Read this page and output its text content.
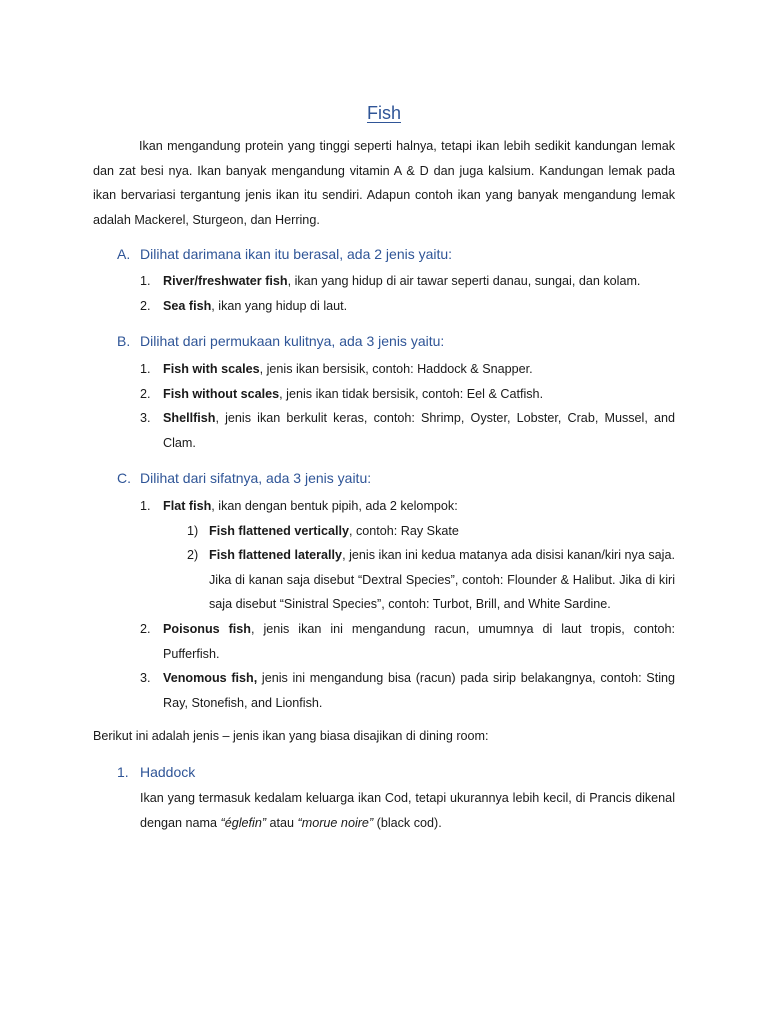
Fish

Ikan mengandung protein yang tinggi seperti halnya, tetapi ikan lebih sedikit kandungan lemak dan zat besi nya. Ikan banyak mengandung vitamin A & D dan juga kalsium. Kandungan lemak pada ikan bervariasi tergantung jenis ikan itu sendiri. Adapun contoh ikan yang banyak mengandung lemak adalah Mackerel, Sturgeon, dan Herring.

A. Dilihat darimana ikan itu berasal, ada 2 jenis yaitu:
1. River/freshwater fish, ikan yang hidup di air tawar seperti danau, sungai, dan kolam.
2. Sea fish, ikan yang hidup di laut.
B. Dilihat dari permukaan kulitnya, ada 3 jenis yaitu:
1. Fish with scales, jenis ikan bersisik, contoh: Haddock & Snapper.
2. Fish without scales, jenis ikan tidak bersisik, contoh: Eel & Catfish.
3. Shellfish, jenis ikan berkulit keras, contoh: Shrimp, Oyster, Lobster, Crab, Mussel, and Clam.
C. Dilihat dari sifatnya, ada 3 jenis yaitu:
1. Flat fish, ikan dengan bentuk pipih, ada 2 kelompok:
1) Fish flattened vertically, contoh: Ray Skate
2) Fish flattened laterally, jenis ikan ini kedua matanya ada disisi kanan/kiri nya saja. Jika di kanan saja disebut “Dextral Species”, contoh: Flounder & Halibut. Jika di kiri saja disebut “Sinistral Species”, contoh: Turbot, Brill, and White Sardine.
2. Poisonus fish, jenis ikan ini mengandung racun, umumnya di laut tropis, contoh: Pufferfish.
3. Venomous fish, jenis ini mengandung bisa (racun) pada sirip belakangnya, contoh: Sting Ray, Stonefish, and Lionfish.

Berikut ini adalah jenis – jenis ikan yang biasa disajikan di dining room:

1. Haddock

Ikan yang termasuk kedalam keluarga ikan Cod, tetapi ukurannya lebih kecil, di Prancis dikenal dengan nama “églefin” atau “morue noire” (black cod).
